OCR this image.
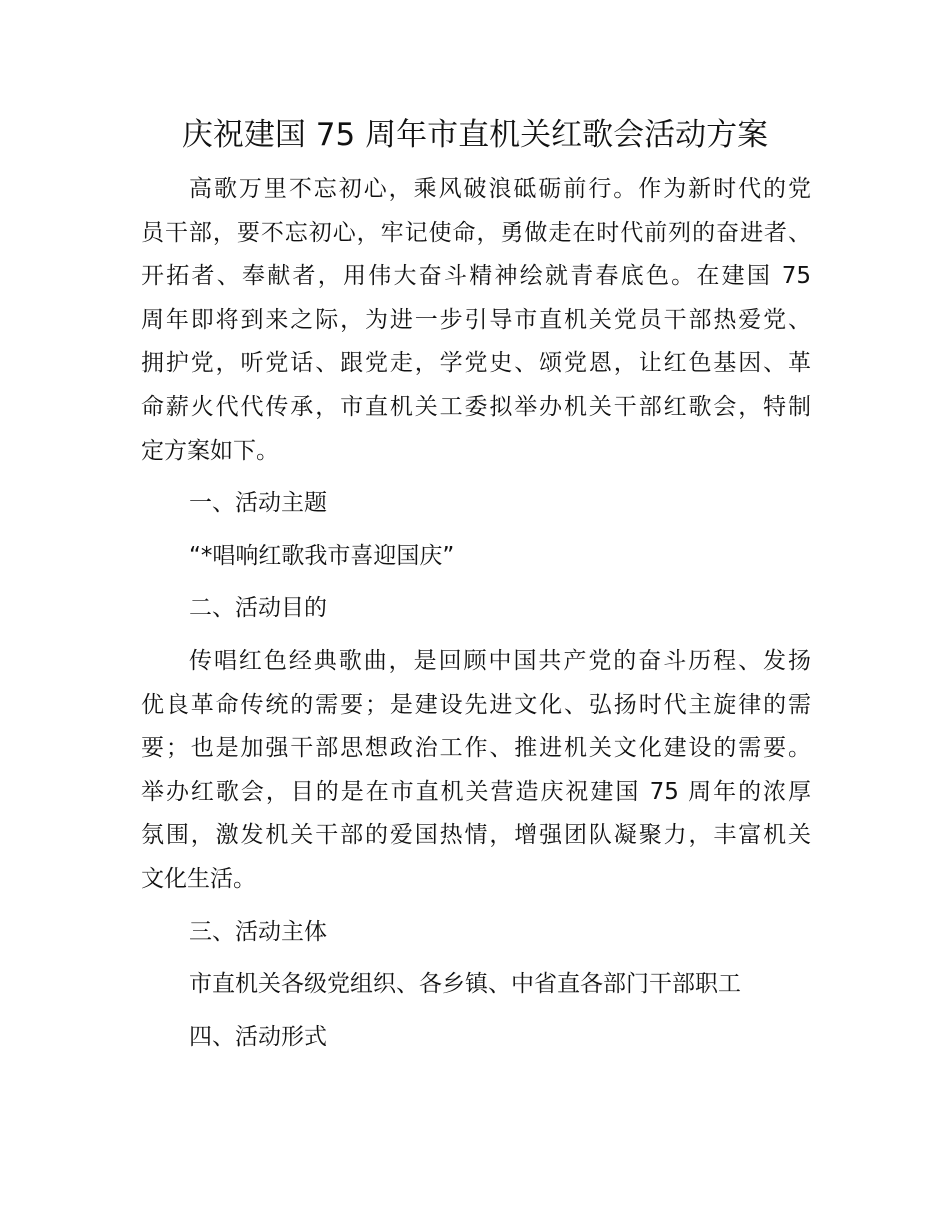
庆祝建国 75 周年市直机关红歌会活动方案
高歌万里不忘初心，乘风破浪砥砺前行。作为新时代的党
员干部，要不忘初心，牢记使命，勇做走在时代前列的奋进者、
开拓者、奉献者，用伟大奋斗精神绘就青春底色。在建国 75
周年即将到来之际，为进一步引导市直机关党员干部热爱党、
拥护党，听党话、跟党走，学党史、颂党恩，让红色基因、革
命薪火代代传承，市直机关工委拟举办机关干部红歌会，特制
定方案如下。
一、活动主题
“*唱响红歌我市喜迎国庆”
二、活动目的
传唱红色经典歌曲，是回顾中国共产党的奋斗历程、发扬
优良革命传统的需要；是建设先进文化、弘扬时代主旋律的需
要；也是加强干部思想政治工作、推进机关文化建设的需要。
举办红歌会，目的是在市直机关营造庆祝建国 75 周年的浓厚
氛围，激发机关干部的爱国热情，增强团队凝聚力，丰富机关
文化生活。
三、活动主体
市直机关各级党组织、各乡镇、中省直各部门干部职工
四、活动形式
